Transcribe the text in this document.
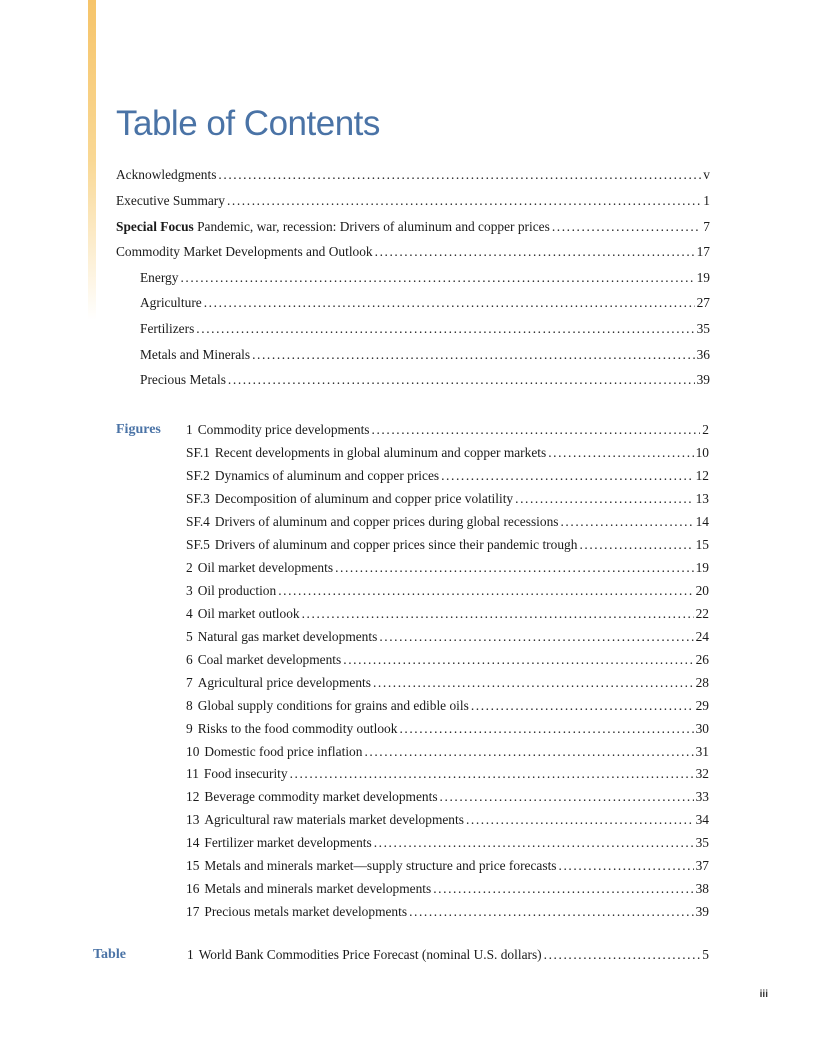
Table of Contents
Acknowledgments .....	v
Executive Summary .....	1
Special Focus Pandemic, war, recession: Drivers of aluminum and copper prices .....	7
Commodity Market Developments and Outlook .....	17
Energy .....	19
Agriculture .....	27
Fertilizers .....	35
Metals and Minerals .....	36
Precious Metals .....	39
Figures 1 Commodity price developments .....	2
SF.1 Recent developments in global aluminum and copper markets .....	10
SF.2 Dynamics of aluminum and copper prices .....	12
SF.3 Decomposition of aluminum and copper price volatility .....	13
SF.4 Drivers of aluminum and copper prices during global recessions .....	14
SF.5 Drivers of aluminum and copper prices since their pandemic trough .....	15
2 Oil market developments .....	19
3 Oil production .....	20
4 Oil market outlook .....	22
5 Natural gas market developments .....	24
6 Coal market developments .....	26
7 Agricultural price developments .....	28
8 Global supply conditions for grains and edible oils .....	29
9 Risks to the food commodity outlook .....	30
10 Domestic food price inflation .....	31
11 Food insecurity .....	32
12 Beverage commodity market developments .....	33
13 Agricultural raw materials market developments .....	34
14 Fertilizer market developments .....	35
15 Metals and minerals market—supply structure and price forecasts .....	37
16 Metals and minerals market developments .....	38
17 Precious metals market developments .....	39
Table	1 World Bank Commodities Price Forecast (nominal U.S. dollars) .....	5
iii
